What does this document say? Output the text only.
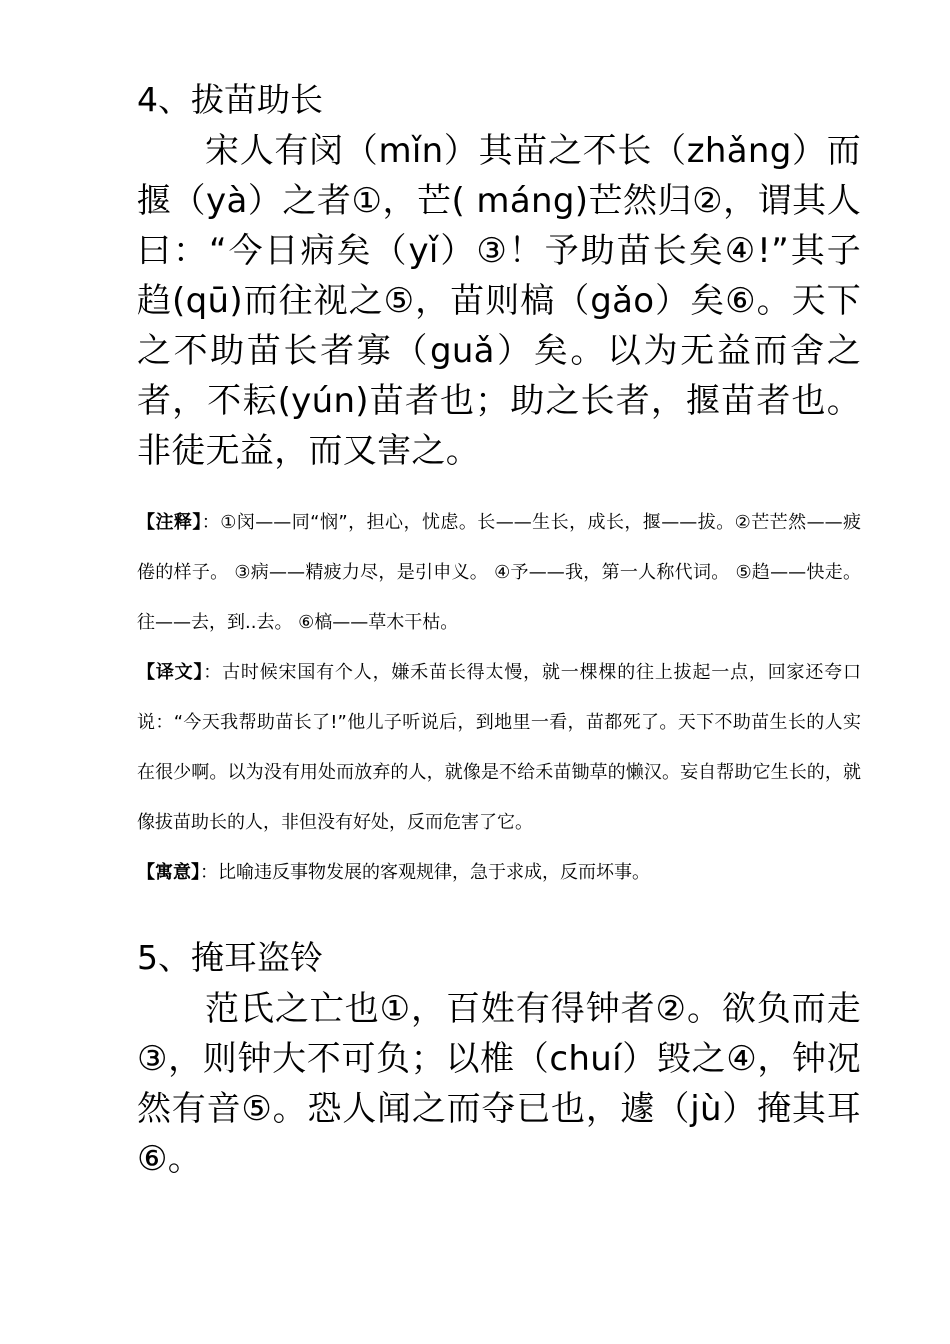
4、拔苗助长

宋人有闵（mǐn）其苗之不长（zhǎng）而揠（yà）之者①，芒( máng)芒然归②，谓其人曰：“今日病矣（yǐ）③！予助苗长矣④!”其子趋(qū)而往视之⑤，苗则槁（gǎo）矣⑥。天下之不助苗长者寡（guǎ）矣。以为无益而舍之者，不耘(yún)苗者也；助之长者，揠苗者也。非徒无益，而又害之。

【注释】：①闵——同“悯”，担心，忧虑。长——生长，成长，揠——拔。②芒芒然——疲倦的样子。 ③病——精疲力尽，是引申义。 ④予——我，第一人称代词。 ⑤趋——快走。往——去，到..去。 ⑥槁——草木干枯。

【译文】：古时候宋国有个人，嫌禾苗长得太慢，就一棵棵的往上拔起一点，回家还夸口说：“今天我帮助苗长了!”他儿子听说后，到地里一看，苗都死了。天下不助苗生长的人实在很少啊。以为没有用处而放弃的人，就像是不给禾苗锄草的懒汉。妄自帮助它生长的，就像拔苗助长的人，非但没有好处，反而危害了它。

【寓意】：比喻违反事物发展的客观规律，急于求成，反而坏事。

5、掩耳盗铃

范氏之亡也①，百姓有得钟者②。欲负而走③，则钟大不可负；以椎（chuí）毁之④，钟况然有音⑤。恐人闻之而夺已也，遽（jù）掩其耳⑥。
